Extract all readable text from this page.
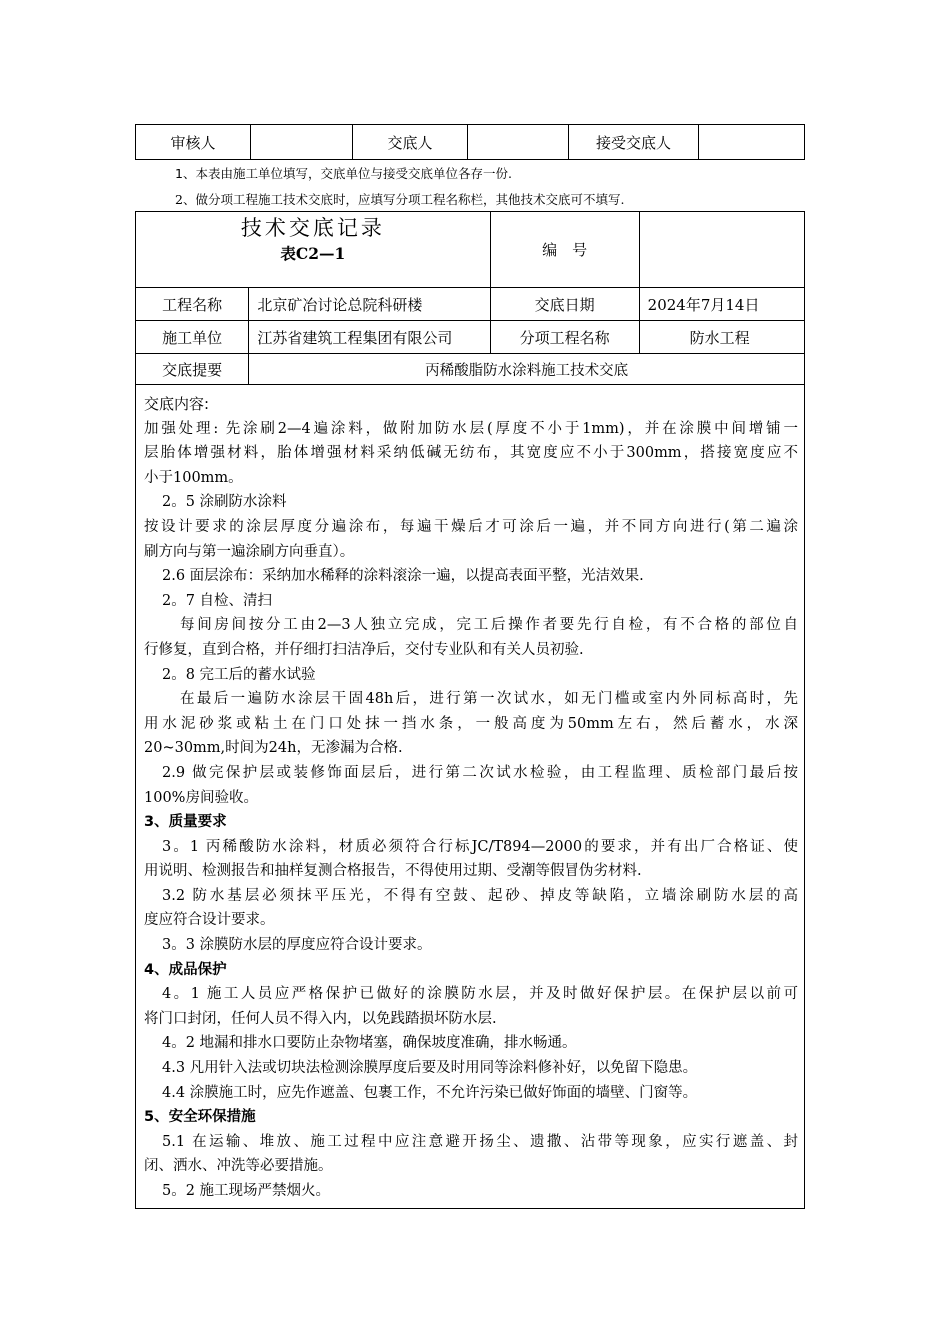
审核人		交底人		接受交底人	
1、本表由施工单位填写，交底单位与接受交底单位各存一份.
2、做分项工程施工技术交底时，应填写分项工程名称栏，其他技术交底可不填写.
技术交底记录
表C2—1		编　号	
工程名称	北京矿冶讨论总院科研楼	交底日期	2024年7月14日
施工单位	江苏省建筑工程集团有限公司	分项工程名称	防水工程
交底提要	丙稀酸脂防水涂料施工技术交底		
交底内容:
加强处理: 先涂刷2—4遍涂料，做附加防水层(厚度不小于1mm)，并在涂膜中间增铺一
层胎体增强材料，胎体增强材料采纳低碱无纺布，其宽度应不小于300mm，搭接宽度应不
小于100mm。
2。5 涂刷防水涂料
按设计要求的涂层厚度分遍涂布，每遍干燥后才可涂后一遍，并不同方向进行(第二遍涂
刷方向与第一遍涂刷方向垂直）。
2.6 面层涂布：采纳加水稀释的涂料滚涂一遍，以提高表面平整，光洁效果.
2。7 自检、清扫
每间房间按分工由2—3人独立完成，完工后操作者要先行自检，有不合格的部位自
行修复，直到合格，并仔细打扫洁净后，交付专业队和有关人员初验.
2。8 完工后的蓄水试验
在最后一遍防水涂层干固48h后，进行第一次试水，如无门槛或室内外同标高时，先
用水泥砂浆或粘土在门口处抹一挡水条，一般高度为50mm左右，然后蓄水，水深
20~30mm,时间为24h，无渗漏为合格.
2.9 做完保护层或装修饰面层后，进行第二次试水检验，由工程监理、质检部门最后按
100%房间验收。
3、质量要求
3。1 丙稀酸防水涂料，材质必须符合行标JC/T894—2000的要求，并有出厂合格证、使
用说明、检测报告和抽样复测合格报告，不得使用过期、受潮等假冒伪劣材料.
3.2 防水基层必须抹平压光，不得有空鼓、起砂、掉皮等缺陷，立墙涂刷防水层的高
度应符合设计要求。
3。3 涂膜防水层的厚度应符合设计要求。
4、成品保护
4。1 施工人员应严格保护已做好的涂膜防水层，并及时做好保护层。在保护层以前可
将门口封闭，任何人员不得入内，以免践踏损坏防水层.
4。2 地漏和排水口要防止杂物堵塞，确保坡度准确，排水畅通。
4.3 凡用针入法或切块法检测涂膜厚度后要及时用同等涂料修补好，以免留下隐患。
4.4 涂膜施工时，应先作遮盖、包裹工作，不允许污染已做好饰面的墙壁、门窗等。
5、安全环保措施
5.1 在运输、堆放、施工过程中应注意避开扬尘、遗撒、沾带等现象，应实行遮盖、封
闭、洒水、冲洗等必要措施。
5。2 施工现场严禁烟火。
